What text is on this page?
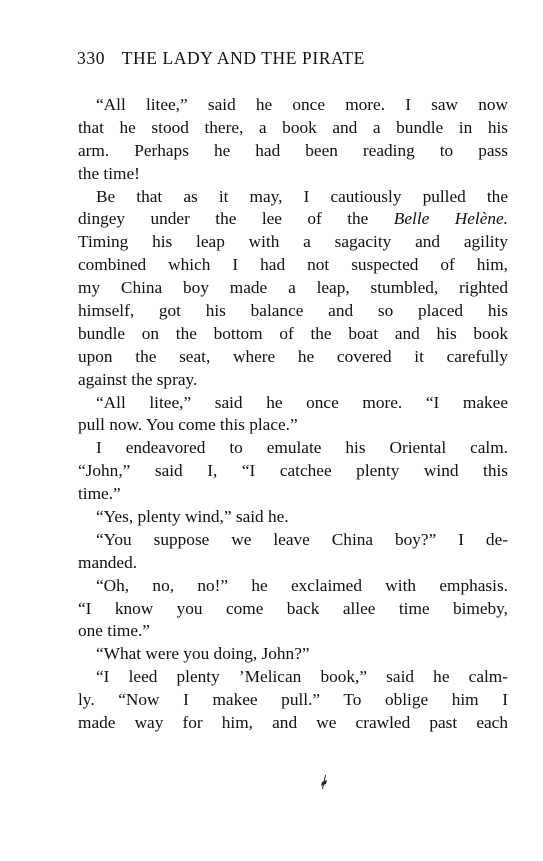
330 THE LADY AND THE PIRATE
“All litee,” said he once more. I saw now
that he stood there, a book and a bundle in his
arm. Perhaps he had been reading to pass
the time!
Be that as it may, I cautiously pulled the
dingey under the lee of the Belle Helène.
Timing his leap with a sagacity and agility
combined which I had not suspected of him,
my China boy made a leap, stumbled, righted
himself, got his balance and so placed his
bundle on the bottom of the boat and his book
upon the seat, where he covered it carefully
against the spray.
“All litee,” said he once more. “I makee
pull now. You come this place.”
I endeavored to emulate his Oriental calm.
“John,” said I, “I catchee plenty wind this
time.”
“Yes, plenty wind,” said he.
“You suppose we leave China boy?” I de-
manded.
“Oh, no, no!” he exclaimed with emphasis.
“I know you come back allee time bimeby,
one time.”
“What were you doing, John?”
“I leed plenty ’Melican book,” said he calm-
ly. “Now I makee pull.” To oblige him I
made way for him, and we crawled past each
